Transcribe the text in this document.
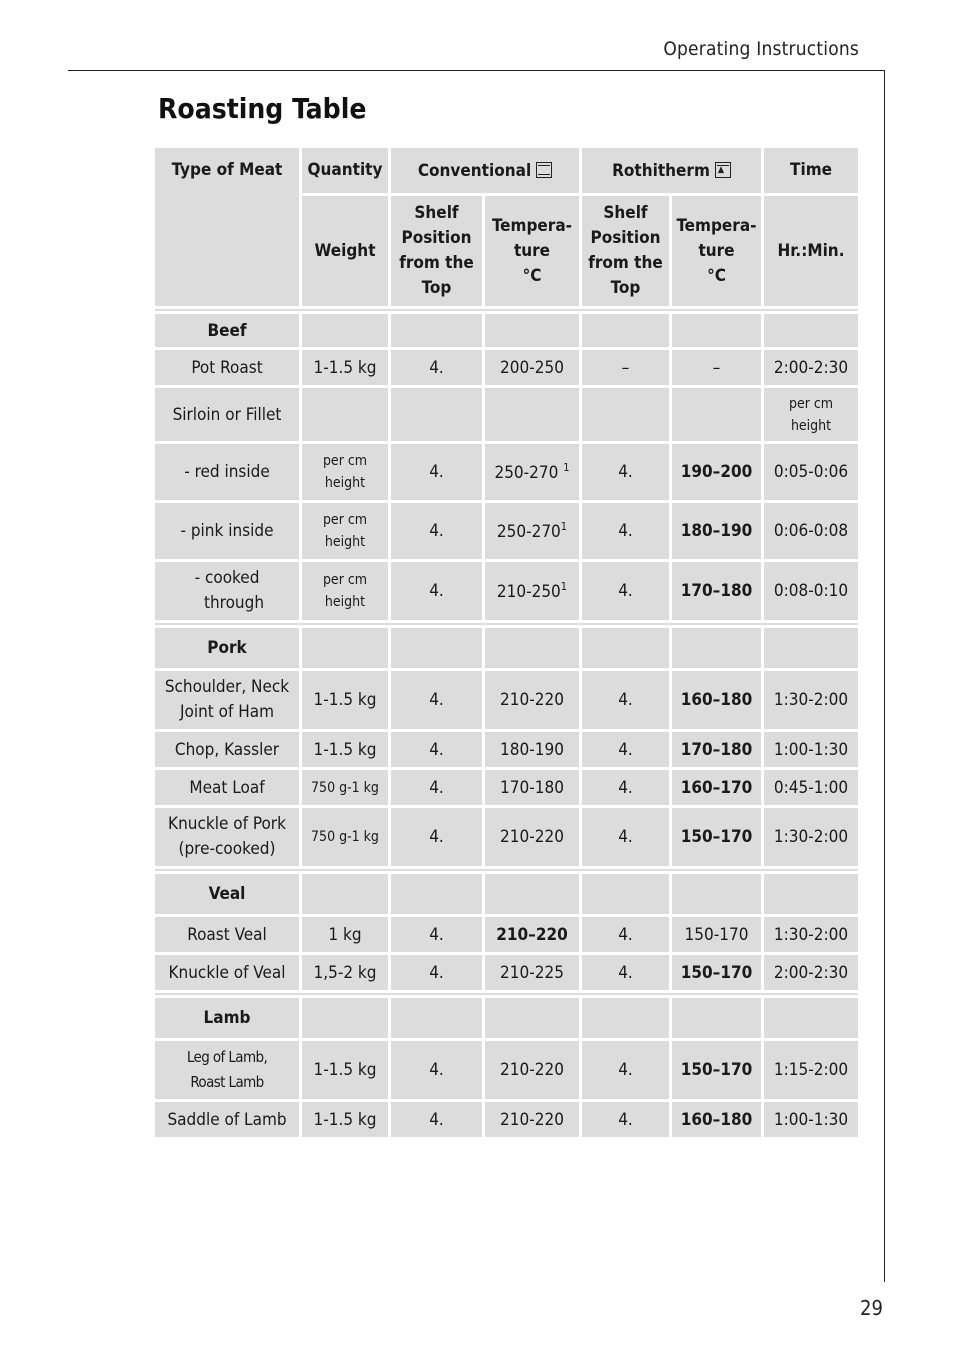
Operating Instructions
Roasting Table
Type of Meat	Quantity	Conventional		Rothitherm▲		Time
	Weight	Shelf
Position
from the
Top	Tempera-
ture
°C	Shelf
Position
from the
Top	Tempera-
ture
°C	Hr.:Min.

Beef						
Pot Roast	1-1.5 kg	4.	200-250	–	–	2:00-2:30
Sirloin or Fillet						per cm
height
- red inside	per cm
height	4.	250-270 $^1$	4.	190–200	0:05-0:06
- pink inside	per cm
height	4.	$250-270^1$	4.	180–190	0:06-0:08
- cooked
through	per cm
height	4.	$210-250^1$	4.	170–180	0:08-0:10

Pork						
Schoulder, Neck
Joint of Ham	1-1.5 kg	4.	210-220	4.	160–180	1:30-2:00
Chop, Kassler	1-1.5 kg	4.	180-190	4.	170–180	1:00-1:30
Meat Loaf	750 g-1 kg	4.	170-180	4.	160–170	0:45-1:00
Knuckle of Pork
(pre-cooked)	750 g-1 kg	4.	210-220	4.	150–170	1:30-2:00

Veal						
Roast Veal	1 kg	4.	210–220	4.	150-170	1:30-2:00
Knuckle of Veal	1,5-2 kg	4.	210-225	4.	150–170	2:00-2:30

Lamb						
Leg of Lamb,
Roast Lamb	1-1.5 kg	4.	210-220	4.	150–170	1:15-2:00
Saddle of Lamb	1-1.5 kg	4.	210-220	4.	160–180	1:00-1:30
29
